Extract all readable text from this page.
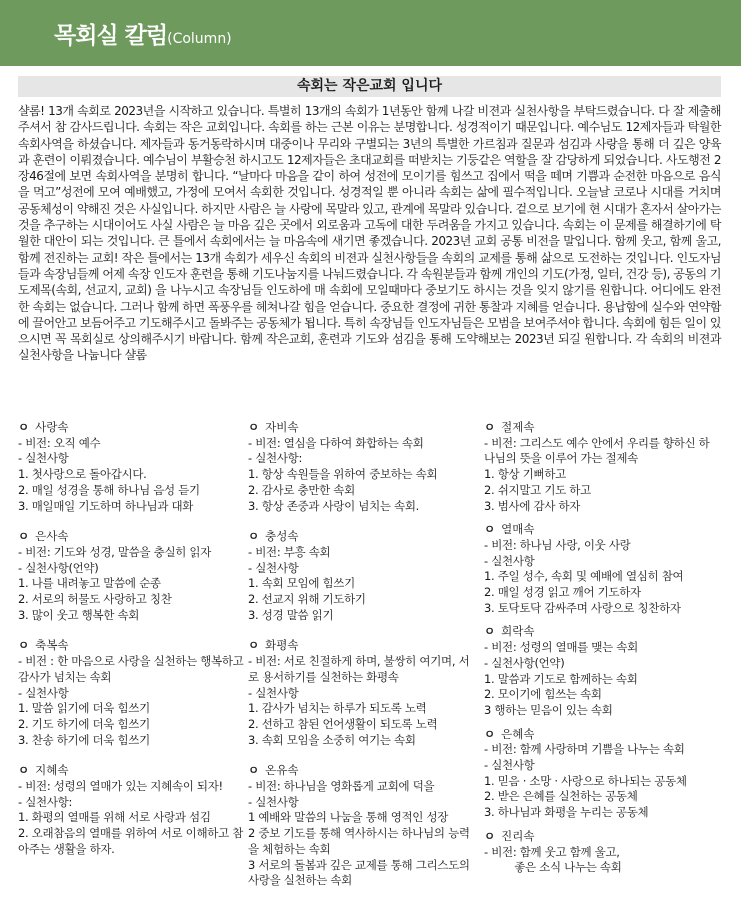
목회실 칼럼(Column)
속회는 작은교회 입니다

샬롬! 13개 속회로 2023년을 시작하고 있습니다. 특별히 13개의 속회가 1년동안 함께 나갈 비젼과 실천사항을 부탁드렸습니다. 다 잘 제출해 주셔서 참 감사드립니다. 속회는 작은 교회입니다. 속회를 하는 근본 이유는 분명합니다. 성경적이기 때문입니다. 예수님도 12제자들과 탁월한 속회사역을 하셨습니다. 제자들과 동거동락하시며 대중이나 무리와 구별되는 3년의 특별한 가르침과 질문과 섬김과 사랑을 통해 더 깊은 양육과 훈련이 이뤄졌습니다. 예수님이 부활승천 하시고도 12제자들은 초대교회를 떠받치는 기둥같은 역할을 잘 감당하게 되었습니다. 사도행전 2장46절에 보면 속회사역을 분명히 합니다. “날마다 마음을 같이 하여 성전에 모이기를 힘쓰고 집에서 떡을 떼며 기쁨과 순전한 마음으로 음식을 먹고”성전에 모여 예배했고, 가정에 모여서 속회한 것입니다. 성경적일 뿐 아니라 속회는 삶에 필수적입니다. 오늘날 코로나 시대를 거치며 공동체성이 약해진 것은 사실입니다. 하지만 사람은 늘 사랑에 목말라 있고, 관계에 목말라 있습니다. 겉으로 보기에 현 시대가 혼자서 살아가는 것을 추구하는 시대이어도 사실 사람은 늘 마음 깊은 곳에서 외로움과 고독에 대한 두려움을 가지고 있습니다. 속회는 이 문제를 해결하기에 탁월한 대안이 되는 것입니다. 큰 틀에서 속회에서는 늘 마음속에 새기면 좋겠습니다. 2023년 교회 공통 비전을 말입니다. 함께 웃고, 함께 울고, 함께 전진하는 교회! 작은 틀에서는 13개 속회가 세우신 속회의 비젼과 실천사항들을 속회의 교제를 통해 삶으로 도전하는 것입니다. 인도자님들과 속장님들께 어제 속장 인도자 훈련을 통해 기도나눔지를 나눠드렸습니다. 각 속원분들과 함께 개인의 기도(가정, 일터, 건강 등), 공동의 기도제목(속회, 선교지, 교회) 을 나누시고 속장님들 인도하에 매 속회에 모일때마다 중보기도 하시는 것을 잊지 않기를 원합니다. 어디에도 완전한 속회는 없습니다. 그러나 함께 하면 폭풍우를 헤쳐나갈 힘을 얻습니다. 중요한 결정에 귀한 통찰과 지혜를 얻습니다. 용납함에 실수와 연약함에 끌어안고 보듬어주고 기도해주시고 돌봐주는 공동체가 됩니다. 특히 속장님들 인도자님들은 모범을 보여주셔야 합니다. 속회에 힘든 일이 있으시면 꼭 목회실로 상의해주시기 바랍니다. 함께 작은교회, 훈련과 기도와 섬김을 통해 도약해보는 2023년 되길 원합니다. 각 속회의 비젼과 실천사항을 나눕니다 샬롬

ㅇ 사랑속
- 비전: 오직 예수
- 실천사항
1. 첫사랑으로 돌아갑시다.
2. 매일 성경을 통해 하나님 음성 듣기
3. 매일매일 기도하며 하나님과 대화
ㅇ 은사속
- 비전: 기도와 성경, 말씀을 충실히 읽자
- 실천사항(언약)
1. 나를 내려놓고 말씀에 순종
2. 서로의 허물도 사랑하고 칭찬
3. 많이 웃고 행복한 속회
ㅇ 축복속
- 비전 : 한 마음으로 사랑을 실천하는 행복하고 감사가 넘치는 속회
- 실천사항
1. 말씀 읽기에 더욱 힘쓰기
2. 기도 하기에 더욱 힘쓰기
3. 찬송 하기에 더욱 힘쓰기
ㅇ 지혜속
- 비전: 성령의 열매가 있는 지혜속이 되자!
- 실천사항:
1. 화평의 열매를 위해 서로 사랑과 섬김
2. 오래참음의 열매를 위하여 서로 이해하고 참아주는 생활을 하자.
ㅇ 자비속
- 비전: 열심을 다하여 화합하는 속회
- 실천사항:
1. 항상 속원들을 위하여 중보하는 속회
2. 감사로 충만한 속회
3. 항상 존중과 사랑이 넘치는 속회.
ㅇ 충성속
- 비전: 부흥 속회
- 실천사항
1. 속회 모임에 힘쓰기
2. 선교지 위해 기도하기
3. 성경 말씀 읽기
ㅇ 화평속
- 비전: 서로 친절하게 하며, 불쌍히 여기며, 서로 용서하기를 실천하는 화평속
- 실천사항
1. 감사가 넘치는 하루가 되도록 노력
2. 선하고 참된 언어생활이 되도록 노력
3. 속회 모임을 소중히 여기는 속회
ㅇ 온유속
- 비전: 하나님을 영화롭게 교회에 덕을
- 실천사항
1 예배와 말씀의 나눔을 통해 영적인 성장
2 중보 기도를 통해 역사하시는 하나님의 능력을 체험하는 속회
3 서로의 돌봄과 깊은 교제를 통해 그리스도의 사랑을 실천하는 속회
ㅇ 절제속
- 비전: 그리스도 예수 안에서 우리를 향하신 하나님의 뜻을 이루어 가는 절제속
1. 항상 기뻐하고
2. 쉬지말고 기도 하고
3. 범사에 감사 하자
ㅇ 열매속
- 비전: 하나님 사랑, 이웃 사랑
- 실천사항
1. 주일 성수, 속회 및 예배에 열심히 참여
2. 매일 성경 읽고 깨어 기도하자
3. 토닥토닥 감싸주며 사랑으로 칭찬하자
ㅇ 희락속
- 비전: 성령의 열매를 맺는 속회
- 실천사항(언약)
1. 말씀과 기도로 함께하는 속회
2. 모이기에 힘쓰는 속회
3 행하는 믿음이 있는 속회
ㅇ 은혜속
- 비전: 함께 사랑하며 기쁨을 나누는 속회
- 실천사항
1. 믿음 · 소망 · 사랑으로 하나되는 공동체
2. 받은 은혜를 실천하는 공동체
3. 하나님과 화평을 누리는 공동체
ㅇ 진리속
- 비전: 함께 웃고 함께 울고,
좋은 소식 나누는 속회
